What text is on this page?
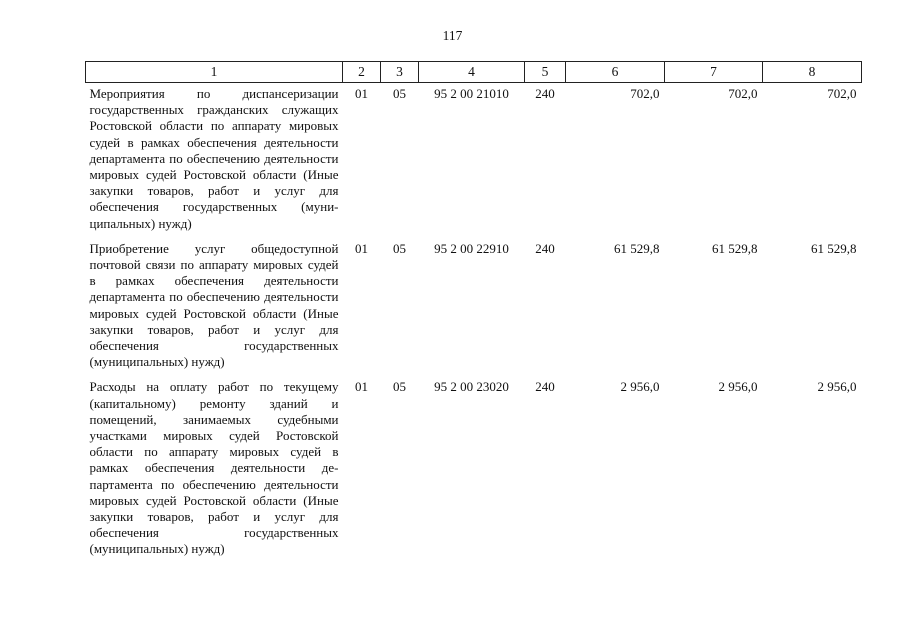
117
1	2	3	4	5	6	7	8
Мероприятия по диспансеризации государственных гражданских служащих Ростовской области по аппарату мировых судей в рамках обеспечения деятельности департамента по обеспечению деятельности мировых судей Ростовской области (Иные закупки товаров, работ и услуг для обеспечения государственных (муниципальных) нужд)	01	05	95 2 00 21010	240	702,0	702,0	702,0
Приобретение услуг общедоступной почтовой связи по аппарату мировых судей в рамках обеспечения деятельности департамента по обеспечению деятельности мировых судей Ростовской области (Иные закупки товаров, работ и услуг для обеспечения государственных (муниципальных) нужд)	01	05	95 2 00 22910	240	61 529,8	61 529,8	61 529,8
Расходы на оплату работ по текущему (капитальному) ремонту зданий и помещений, занимаемых судебными участками мировых судей Ростовской области по аппарату мировых судей в рамках обеспечения деятельности департамента по обеспечению деятельности мировых судей Ростовской области (Иные закупки товаров, работ и услуг для обеспечения государственных (муниципальных) нужд)	01	05	95 2 00 23020	240	2 956,0	2 956,0	2 956,0
